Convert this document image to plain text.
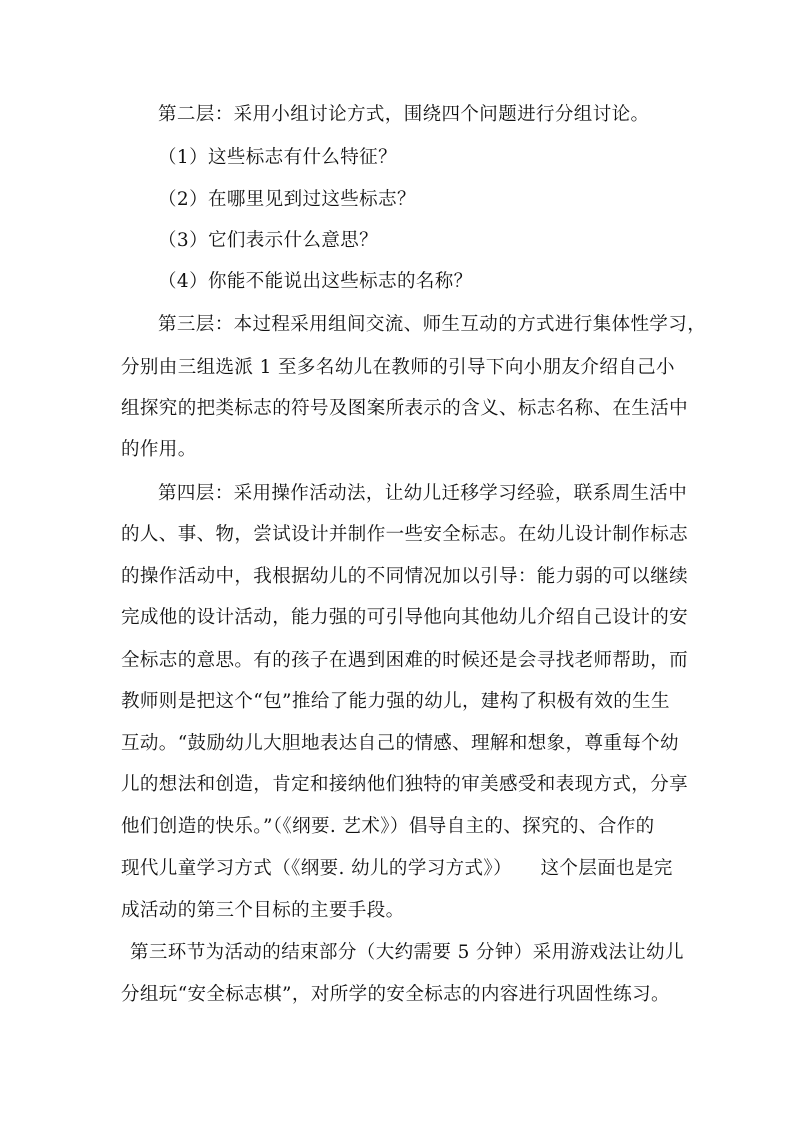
第二层：采用小组讨论方式，围绕四个问题进行分组讨论。
（1）这些标志有什么特征？
（2）在哪里见到过这些标志？
（3）它们表示什么意思？
（4）你能不能说出这些标志的名称？
第三层：本过程采用组间交流、师生互动的方式进行集体性学习，
分别由三组选派 1 至多名幼儿在教师的引导下向小朋友介绍自己小
组探究的把类标志的符号及图案所表示的含义、标志名称、在生活中
的作用。
第四层：采用操作活动法，让幼儿迁移学习经验，联系周生活中
的人、事、物，尝试设计并制作一些安全标志。在幼儿设计制作标志
的操作活动中，我根据幼儿的不同情况加以引导：能力弱的可以继续
完成他的设计活动，能力强的可引导他向其他幼儿介绍自己设计的安
全标志的意思。有的孩子在遇到困难的时候还是会寻找老师帮助，而
教师则是把这个“包”推给了能力强的幼儿，建构了积极有效的生生
互动。“鼓励幼儿大胆地表达自己的情感、理解和想象，尊重每个幼
儿的想法和创造，肯定和接纳他们独特的审美感受和表现方式，分享
他们创造的快乐。”（《纲要. 艺术》）倡导自主的、探究的、合作的
现代儿童学习方式（《纲要. 幼儿的学习方式》）　　这个层面也是完
成活动的第三个目标的主要手段。
第三环节为活动的结束部分（大约需要 5 分钟）采用游戏法让幼儿
分组玩“安全标志棋”，对所学的安全标志的内容进行巩固性练习。
